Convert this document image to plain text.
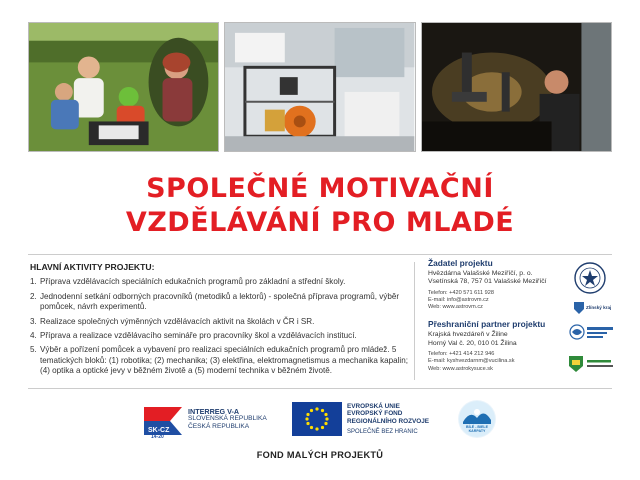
SPOLEČNÉ MOTIVAČNÍ
VZDĚLÁVÁNÍ PRO MLADÉ
HLAVNÍ AKTIVITY PROJEKTU:
1. Příprava vzdělávacích speciálních edukačních programů pro základní a střední školy.
2. Jednodenní setkání odborných pracovníků (metodiků a lektorů) - společná příprava programů, výběr pomůcek, návrh experimentů.
3. Realizace společných výměnných vzdělávacích aktivit na školách v ČR i SR.
4. Příprava a realizace vzdělávacího semináře pro pracovníky škol a vzdělávacích institucí.
5. Výběr a pořízení pomůcek a vybavení pro realizaci speciálních edukačních programů pro mládež. 5 tematických bloků: (1) robotika; (2) mechanika; (3) elektřina, elektromagnetismus a mechanika kapalin; (4) optika a optické jevy v běžném životě a (5) moderní technika v běžném životě.
Žadatel projektu
Hvězdárna Valašské Meziříčí, p. o.
Vsetínská 78, 757 01 Valašské Meziříčí
Telefon: +420 571 611 928
E-mail: info@astrovm.cz
Web: www.astrovm.cz
Přeshraniční partner projektu
Krajská hvezdáreň v Žiline
Horný Val č. 20, 010 01 Žilina
Telefon: +421 414 212 946
E-mail: kyshvezdarnm@vucilina.sk
Web: www.astrokysuce.sk
Zlínský kraj
SK-CZ
14-20
INTERREG V-A
SLOVENSKÁ REPUBLIKA
ČESKÁ REPUBLIKA
EVROPSKÁ UNIE
EVROPSKÝ FOND
REGIONÁLNÍHO ROZVOJE
SPOLEČNĚ BEZ HRANIC
BÍLÉ - BIELE KARPATY
FOND MALÝCH PROJEKTŮ
